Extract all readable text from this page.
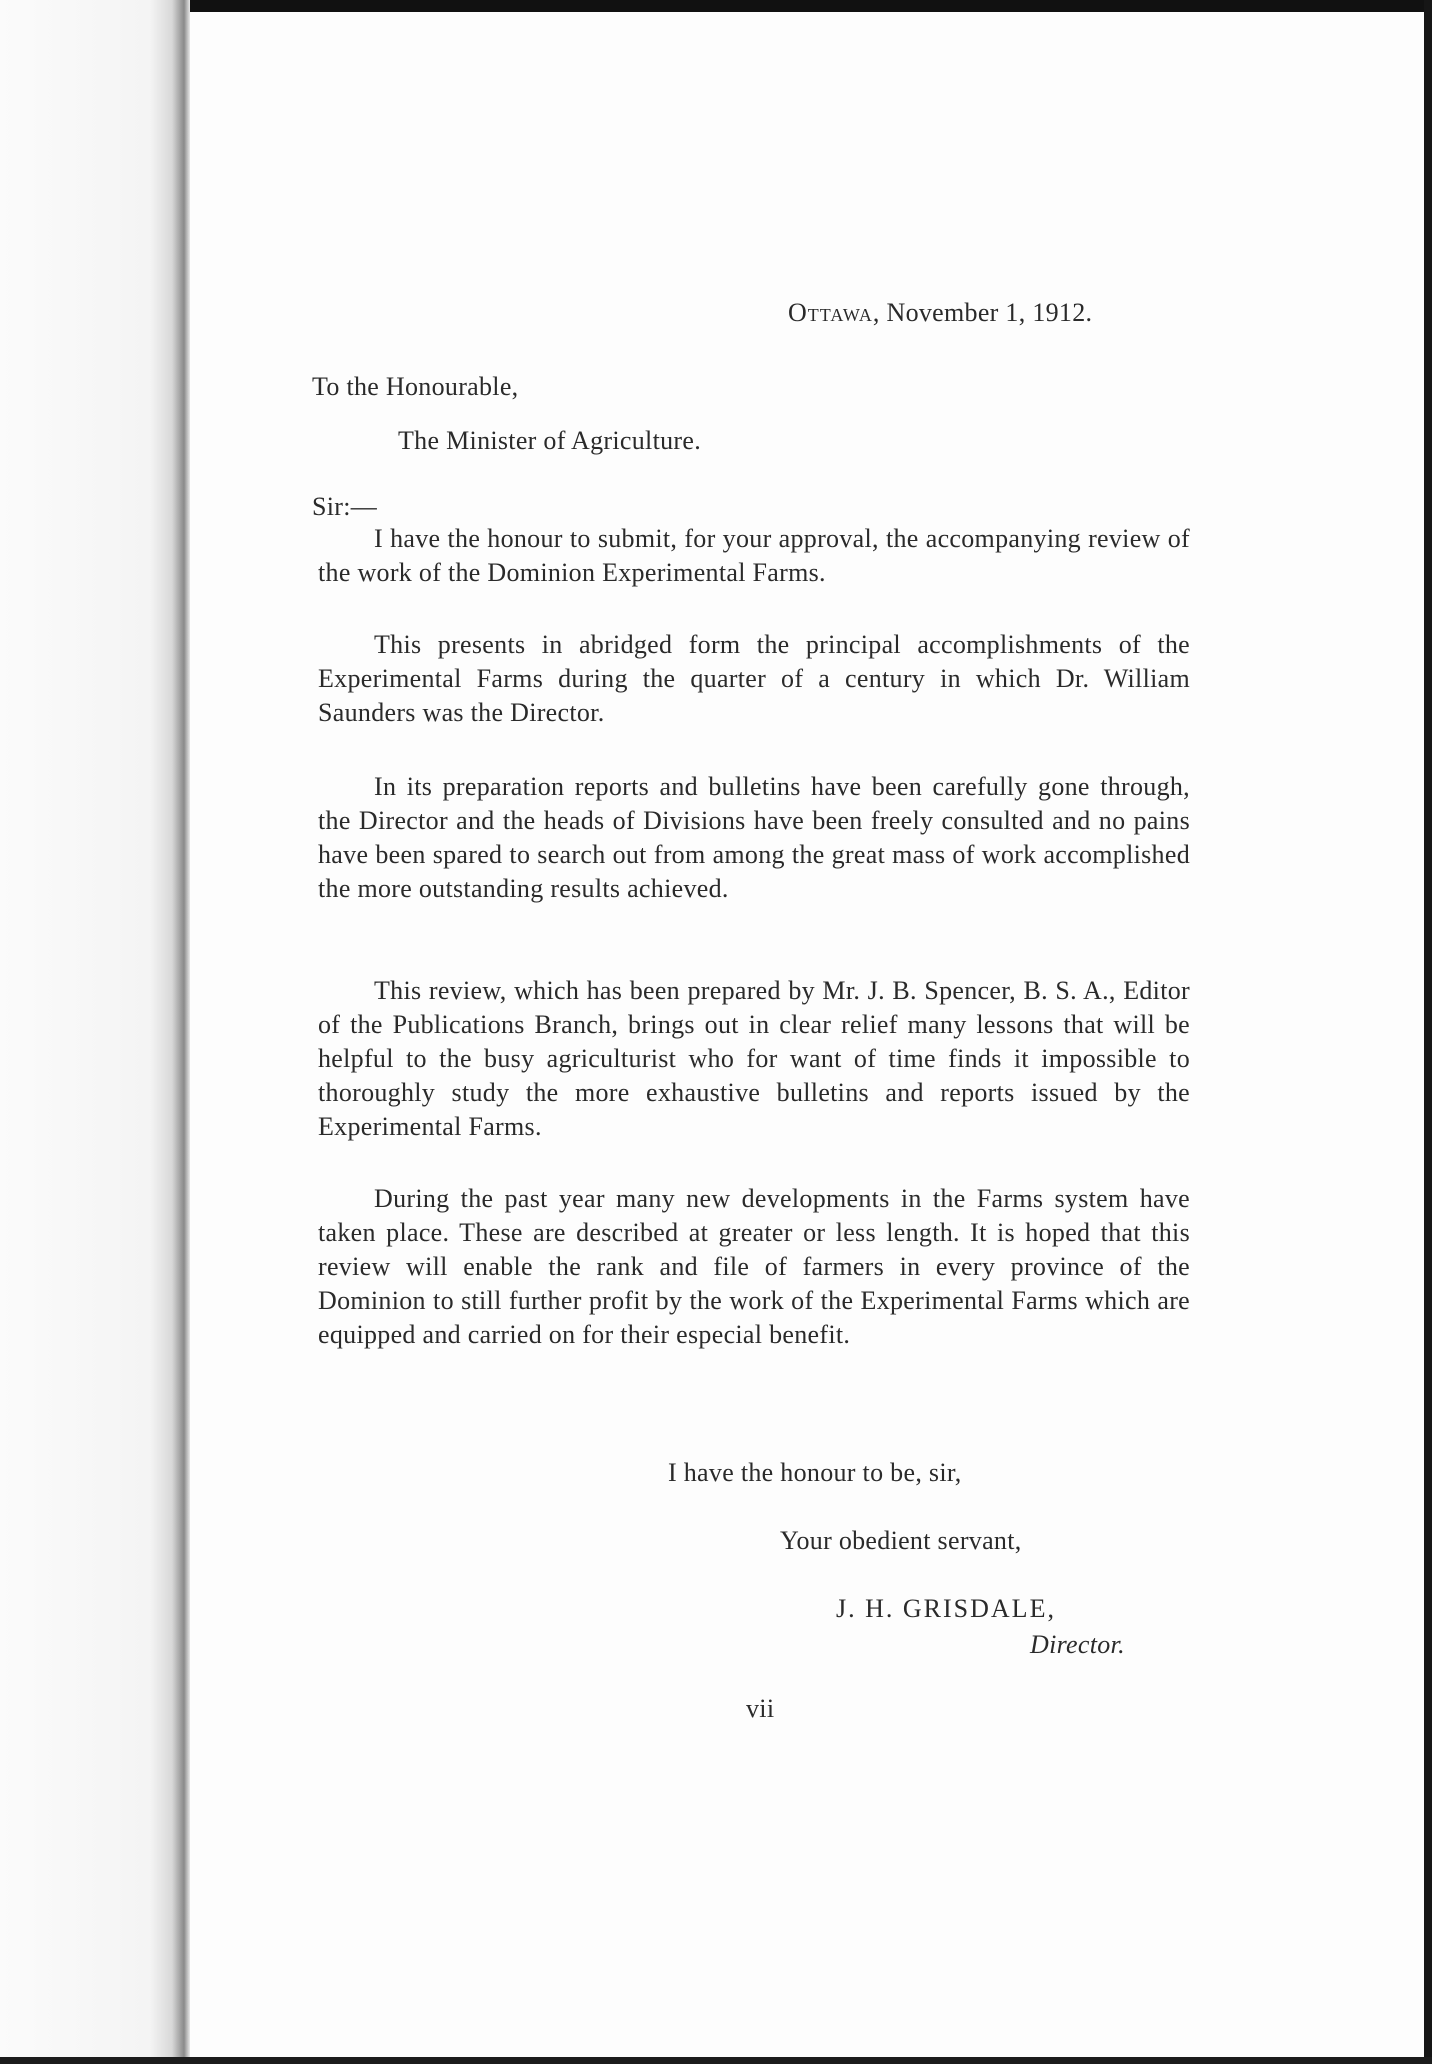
Ottawa, November 1, 1912.
To the Honourable,
The Minister of Agriculture.
Sir:—
I have the honour to submit, for your approval, the accompanying review of the work of the Dominion Experimental Farms.
This presents in abridged form the principal accomplishments of the Experimental Farms during the quarter of a century in which Dr. William Saunders was the Director.
In its preparation reports and bulletins have been carefully gone through, the Director and the heads of Divisions have been freely consulted and no pains have been spared to search out from among the great mass of work accomplished the more outstanding results achieved.
This review, which has been prepared by Mr. J. B. Spencer, B. S. A., Editor of the Publications Branch, brings out in clear relief many lessons that will be helpful to the busy agriculturist who for want of time finds it impossible to thoroughly study the more exhaustive bulletins and reports issued by the Experimental Farms.
During the past year many new developments in the Farms system have taken place. These are described at greater or less length. It is hoped that this review will enable the rank and file of farmers in every province of the Dominion to still further profit by the work of the Experimental Farms which are equipped and carried on for their especial benefit.
I have the honour to be, sir,
Your obedient servant,
J. H. GRISDALE,
Director.
vii
